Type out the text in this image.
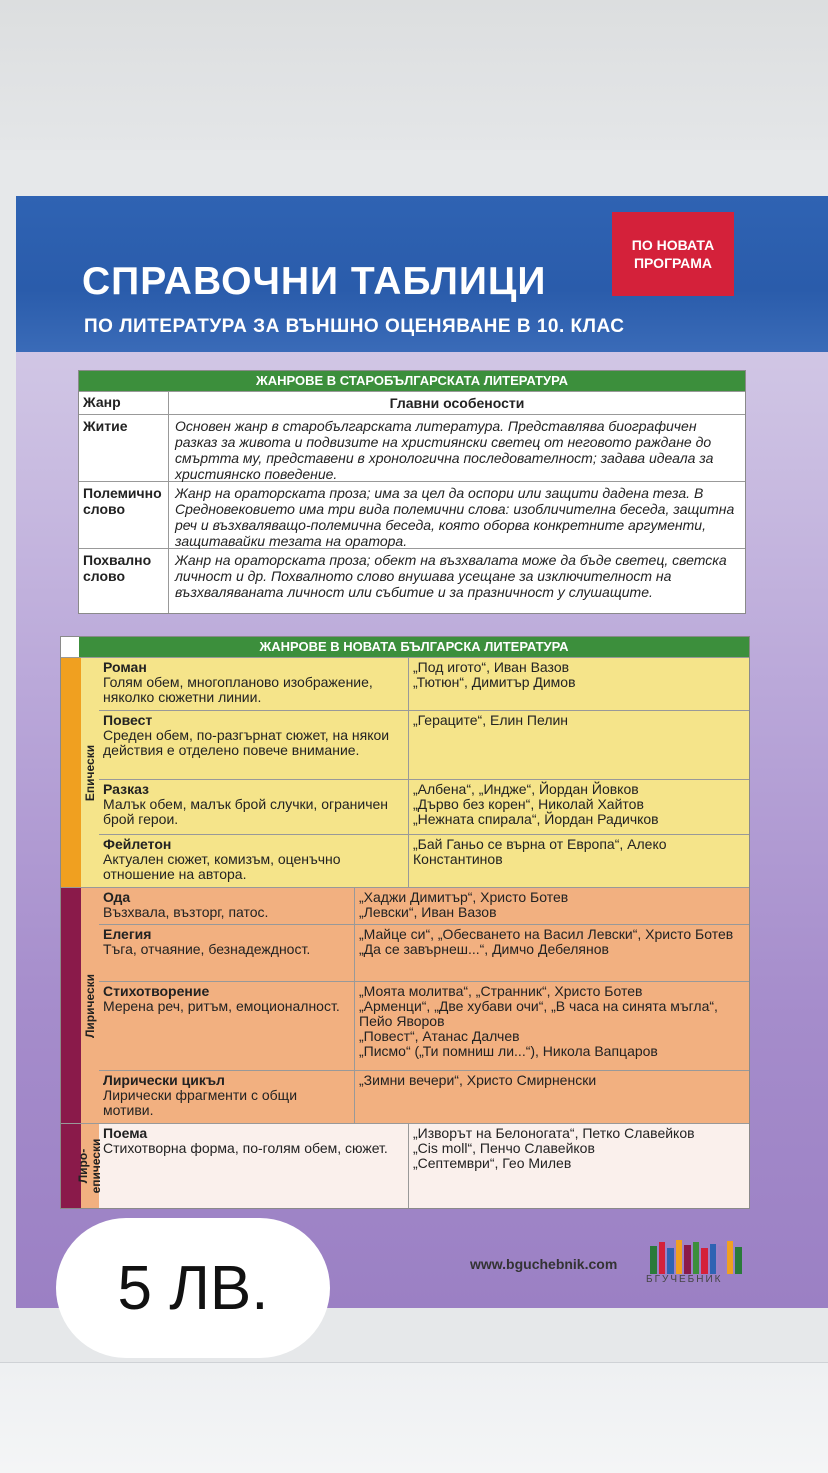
СПРАВОЧНИ ТАБЛИЦИ
ПО ЛИТЕРАТУРА ЗА ВЪНШНО ОЦЕНЯВАНЕ В 10. КЛАС
ПО НОВАТА
ПРОГРАМА
ЖАНРОВЕ В СТАРОБЪЛГАРСКАТА ЛИТЕРАТУРА
Жанр	Главни особености
Житие	Основен жанр в старобългарската литература. Представлява биографичен разказ за живота и подвизите на християнски светец от неговото раждане до смъртта му, представени в хронологична последователност; задава идеала за християнско поведение.
Полемично слово
Жанр на ораторската проза; има за цел да оспори или защити дадена теза. В Средновековието има три вида полемични слова: изобличителна беседа, защитна реч и възхваляващо-полемична беседа, която оборва конкретните аргументи, защитавайки тезата на оратора.
Похвално слово
Жанр на ораторската проза; обект на възхвалата може да бъде светец, светска личност и др. Похвалното слово внушава усещане за изключителност на възхваляваната личност или събитие и за празничност у слушащите.
ЖАНРОВЕ В НОВАТА БЪЛГАРСКА ЛИТЕРАТУРА
Епически
Роман
Голям обем, многопланово изображение, няколко сюжетни линии.
„Под игото“, Иван Вазов
„Тютюн“, Димитър Димов
Повест
Среден обем, по-разгърнат сюжет, на някои действия е отделено повече внимание.
„Гераците“, Елин Пелин
Разказ
Малък обем, малък брой случки, ограничен брой герои.
„Албена“, „Индже“, Йордан Йовков
„Дърво без корен“, Николай Хайтов
„Нежната спирала“, Йордан Радичков
Фейлетон
Актуален сюжет, комизъм, оценъчно отношение на автора.
„Бай Ганьо се върна от Европа“, Алеко Константинов
Лирически
Ода
Възхвала, възторг, патос.
„Хаджи Димитър“, Христо Ботев
„Левски“, Иван Вазов
Елегия
Тъга, отчаяние, безнадеждност.
„Майце си“, „Обесването на Васил Левски“, Христо Ботев
„Да се завърнеш...“, Димчо Дебелянов
Стихотворение
Мерена реч, ритъм, емоционалност.
„Моята молитва“, „Странник“, Христо Ботев
„Арменци“, „Две хубави очи“, „В часа на синята мъгла“, Пейо Яворов
„Повест“, Атанас Далчев
„Писмо“ („Ти помниш ли...“), Никола Вапцаров
Лирически цикъл
Лирически фрагменти с общи мотиви.
„Зимни вечери“, Христо Смирненски
Лиро- епически
Поема
Стихотворна форма, по-голям обем, сюжет.
„Изворът на Белоногата“, Петко Славейков
„Cis moll“, Пенчо Славейков
„Септември“, Гео Милев
www.bguchebnik.com
БГУЧЕБНИК
5 ЛВ.
